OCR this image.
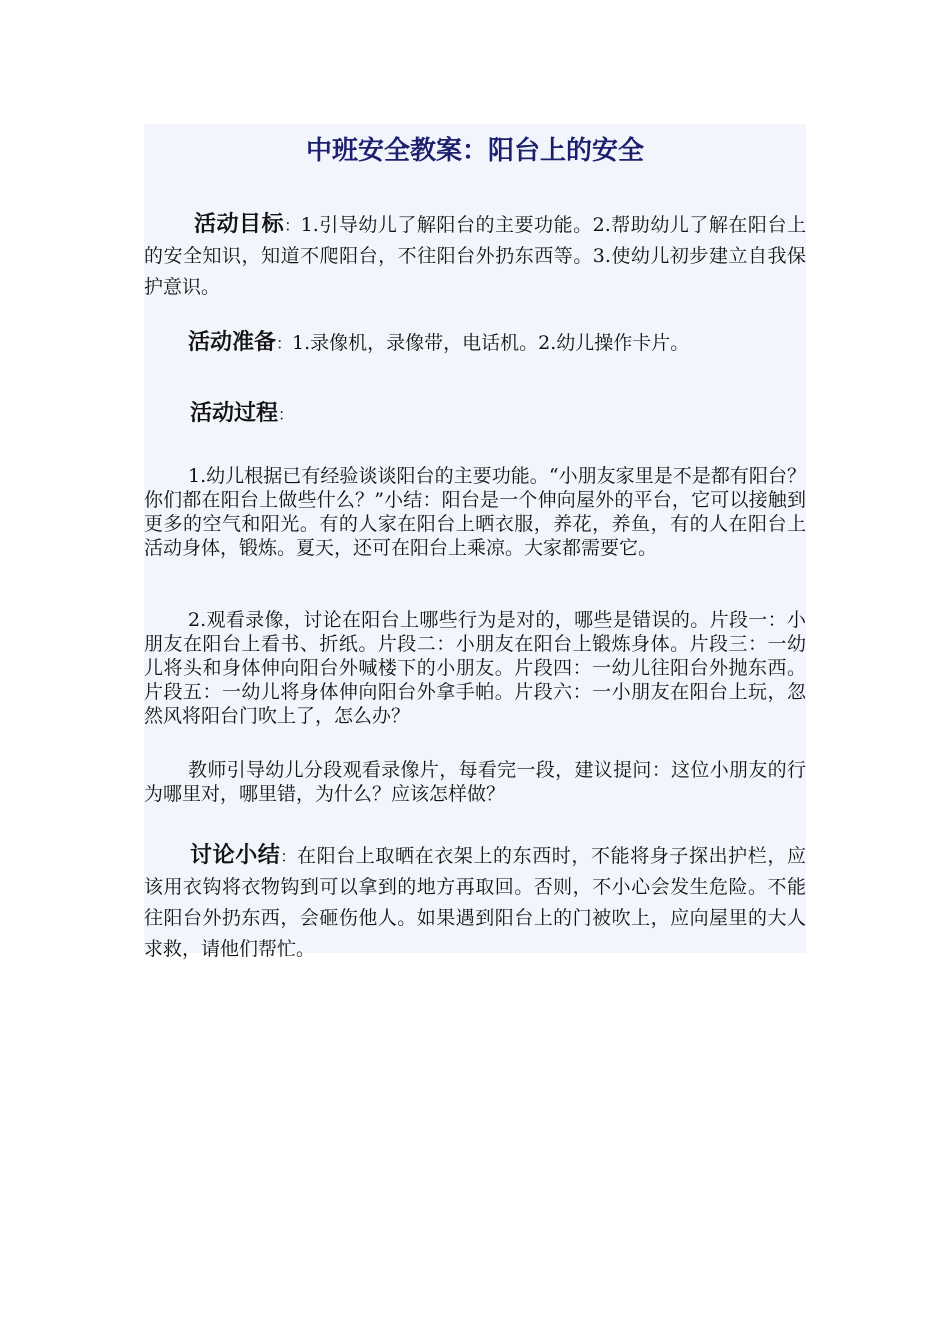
中班安全教案：阳台上的安全

活动目标：1.引导幼儿了解阳台的主要功能。2.帮助幼儿了解在阳台上的安全知识，知道不爬阳台，不往阳台外扔东西等。3.使幼儿初步建立自我保护意识。

活动准备：1.录像机，录像带，电话机。2.幼儿操作卡片。

活动过程：

1.幼儿根据已有经验谈谈阳台的主要功能。“小朋友家里是不是都有阳台？你们都在阳台上做些什么？”小结：阳台是一个伸向屋外的平台，它可以接触到更多的空气和阳光。有的人家在阳台上晒衣服，养花，养鱼，有的人在阳台上活动身体，锻炼。夏天，还可在阳台上乘凉。大家都需要它。

2.观看录像，讨论在阳台上哪些行为是对的，哪些是错误的。片段一：小朋友在阳台上看书、折纸。片段二：小朋友在阳台上锻炼身体。片段三：一幼儿将头和身体伸向阳台外喊楼下的小朋友。片段四：一幼儿往阳台外抛东西。片段五：一幼儿将身体伸向阳台外拿手帕。片段六：一小朋友在阳台上玩，忽然风将阳台门吹上了，怎么办？

教师引导幼儿分段观看录像片，每看完一段，建议提问：这位小朋友的行为哪里对，哪里错，为什么？应该怎样做？

讨论小结：在阳台上取晒在衣架上的东西时，不能将身子探出护栏，应该用衣钩将衣物钩到可以拿到的地方再取回。否则，不小心会发生危险。不能往阳台外扔东西，会砸伤他人。如果遇到阳台上的门被吹上，应向屋里的大人求救，请他们帮忙。
